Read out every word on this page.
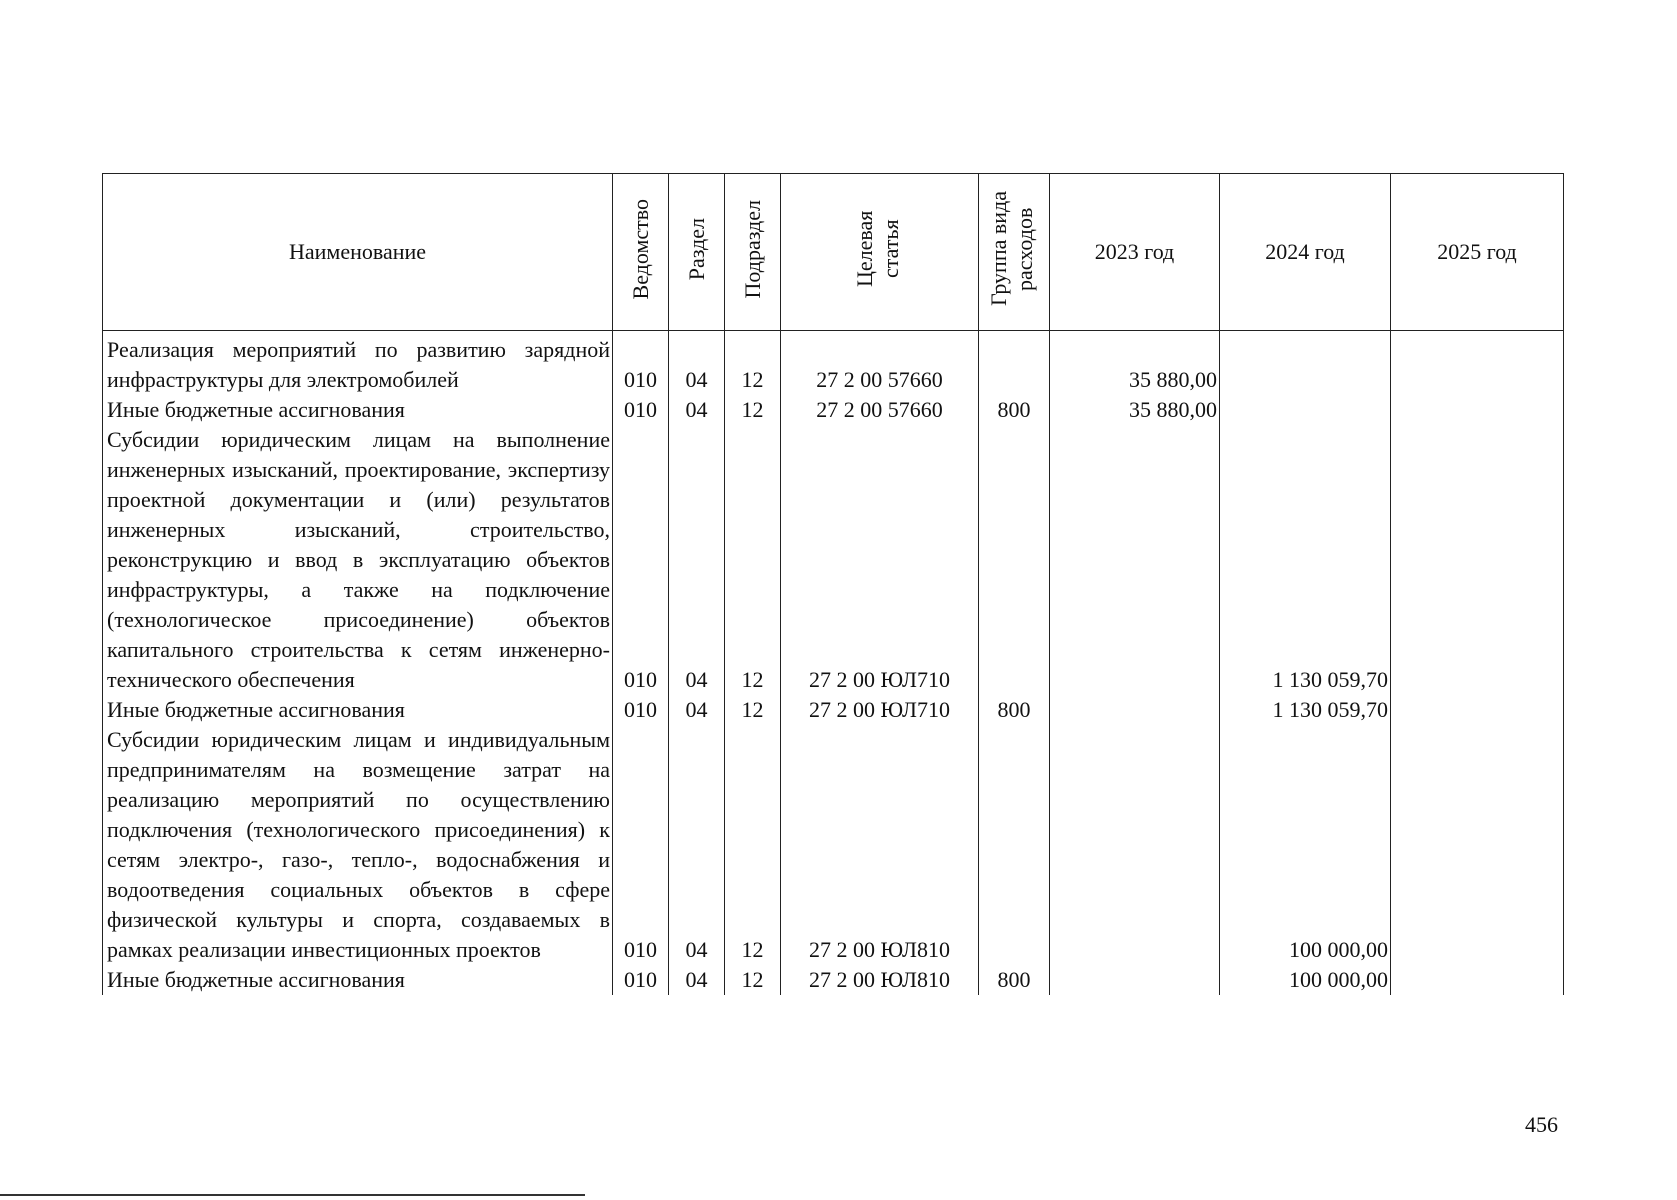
Наименование	Ведомство	Раздел	Подраздел	Целевая статья	Группа вида расходов	2023 год	2024 год	2025 год
Реализация мероприятий по развитию зарядной инфраструктуры для электромобилей	010	04	12	27 2 00 57660		35 880,00		
Иные бюджетные ассигнования	010	04	12	27 2 00 57660	800	35 880,00		
Субсидии юридическим лицам на выполнение инженерных изысканий, проектирование, экспертизу проектной документации и (или) результатов инженерных изысканий, строительство, реконструкцию и ввод в эксплуатацию объектов инфраструктуры, а также на подключение (технологическое присоединение) объектов капитального строительства к сетям инженерно-технического обеспечения	010	04	12	27 2 00 ЮЛ710			1 130 059,70	
Иные бюджетные ассигнования	010	04	12	27 2 00 ЮЛ710	800		1 130 059,70	
Субсидии юридическим лицам и индивидуальным предпринимателям на возмещение затрат на реализацию мероприятий по осуществлению подключения (технологического присоединения) к сетям электро-, газо-, тепло-, водоснабжения и водоотведения социальных объектов в сфере физической культуры и спорта, создаваемых в рамках реализации инвестиционных проектов	010	04	12	27 2 00 ЮЛ810			100 000,00	
Иные бюджетные ассигнования	010	04	12	27 2 00 ЮЛ810	800		100 000,00	
456
